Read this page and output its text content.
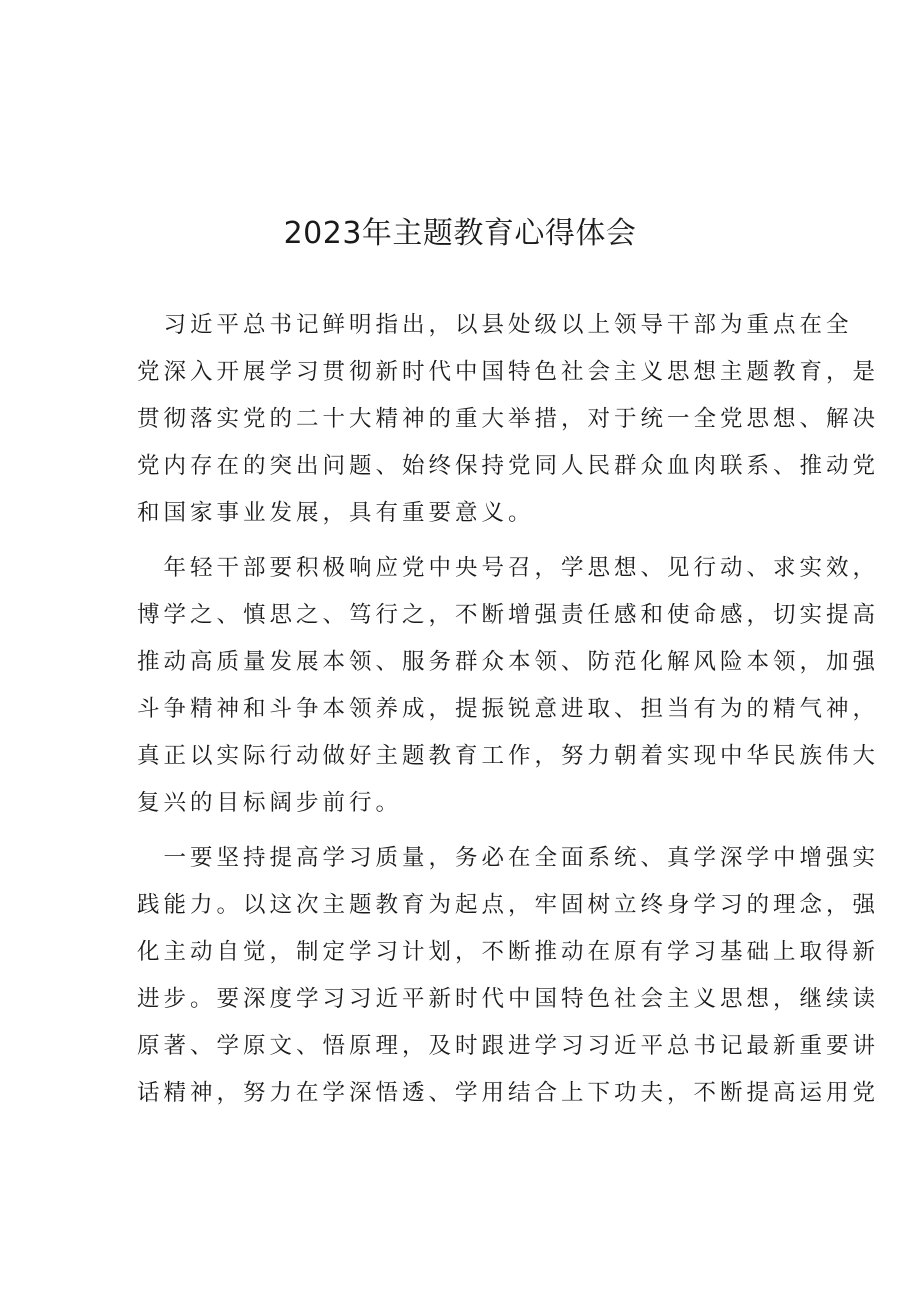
2023年主题教育心得体会
　习近平总书记鲜明指出，以县处级以上领导干部为重点在全
党深入开展学习贯彻新时代中国特色社会主义思想主题教育，是
贯彻落实党的二十大精神的重大举措，对于统一全党思想、解决
党内存在的突出问题、始终保持党同人民群众血肉联系、推动党
和国家事业发展，具有重要意义。
　年轻干部要积极响应党中央号召，学思想、见行动、求实效，
博学之、慎思之、笃行之，不断增强责任感和使命感，切实提高
推动高质量发展本领、服务群众本领、防范化解风险本领，加强
斗争精神和斗争本领养成，提振锐意进取、担当有为的精气神，
真正以实际行动做好主题教育工作，努力朝着实现中华民族伟大
复兴的目标阔步前行。
　一要坚持提高学习质量，务必在全面系统、真学深学中增强实
践能力。以这次主题教育为起点，牢固树立终身学习的理念，强
化主动自觉，制定学习计划，不断推动在原有学习基础上取得新
进步。要深度学习习近平新时代中国特色社会主义思想，继续读
原著、学原文、悟原理，及时跟进学习习近平总书记最新重要讲
话精神，努力在学深悟透、学用结合上下功夫，不断提高运用党
